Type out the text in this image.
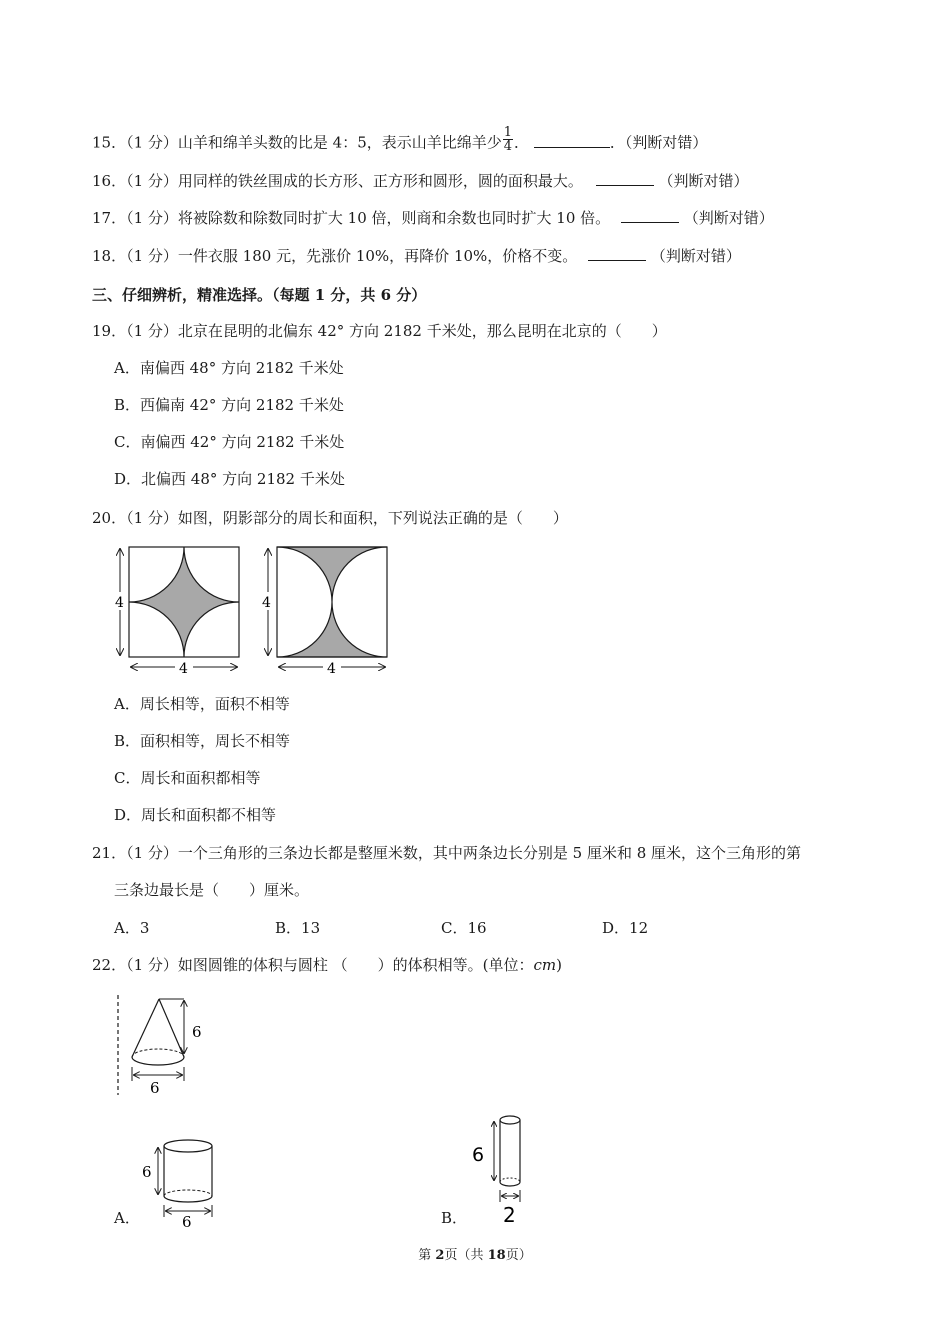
15．（1 分）山羊和绵羊头数的比是 4：5，表示山羊比绵羊少 $\frac{1}{4}$ ．	．（判断对错）
16．（1 分）用同样的铁丝围成的长方形、正方形和圆形，圆的面积最大。	（判断对错）
17．（1 分）将被除数和除数同时扩大 10 倍，则商和余数也同时扩大 10 倍。	（判断对错）
18．（1 分）一件衣服 180 元，先涨价 10%，再降价 10%，价格不变。	（判断对错）
三、仔细辨析，精准选择。（每题 1 分，共 6 分）
19．（1 分）北京在昆明的北偏东 42° 方向 2182 千米处，那么昆明在北京的（　　）
A．南偏西 48° 方向 2182 千米处
B．西偏南 42° 方向 2182 千米处
C．南偏西 42° 方向 2182 千米处
D．北偏西 48° 方向 2182 千米处
20．（1 分）如图，阴影部分的周长和面积，下列说法正确的是（　　）
4
4
4
4
A．周长相等，面积不相等
B．面积相等，周长不相等
C．周长和面积都相等
D．周长和面积都不相等
21．（1 分）一个三角形的三条边长都是整厘米数，其中两条边长分别是 5 厘米和 8 厘米，这个三角形的第
三条边最长是（　　）厘米。
A．3	B．13	C．16	D．12
22．（1 分）如图圆锥的体积与圆柱 （　　）的体积相等。(单位：cm)
6
6
A．
6
6	B．
6
2
第 2页（共 18页）
